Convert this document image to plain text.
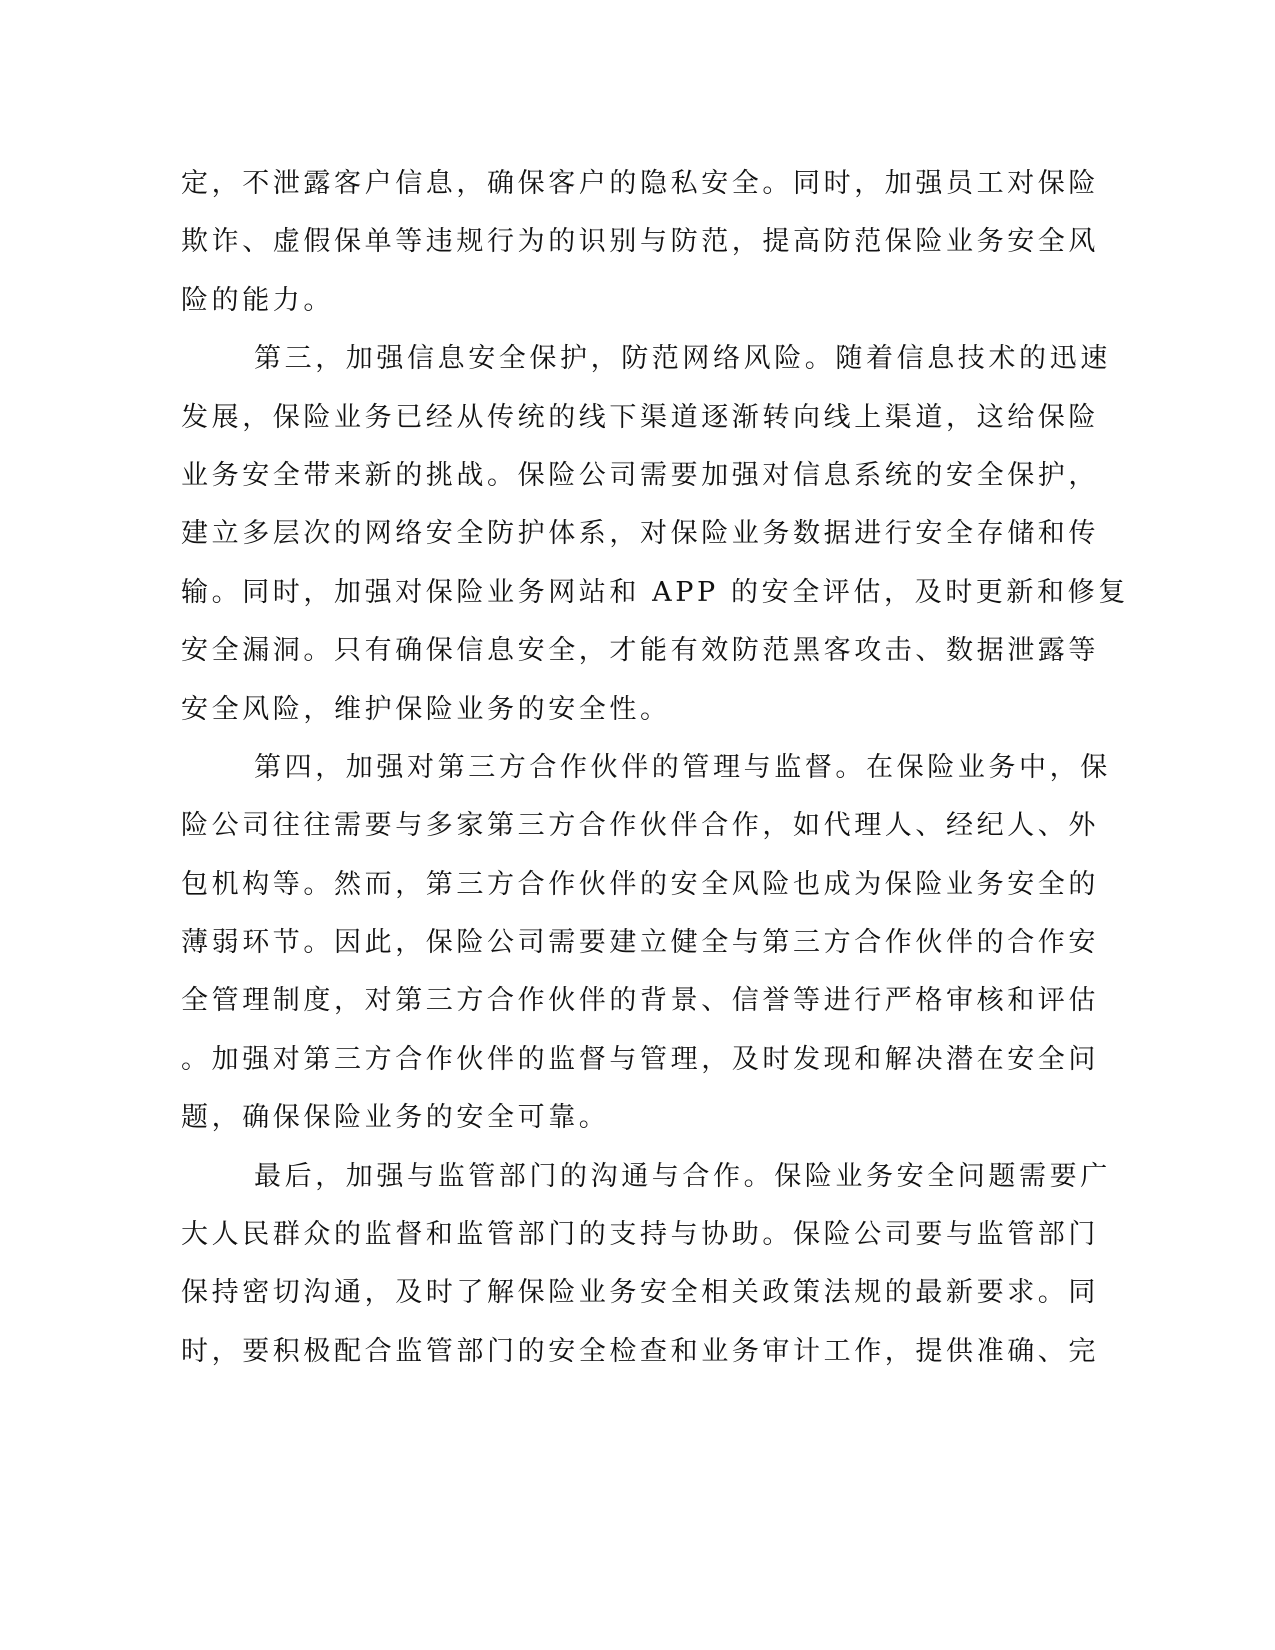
定，不泄露客户信息，确保客户的隐私安全。同时，加强员工对保险
欺诈、虚假保单等违规行为的识别与防范，提高防范保险业务安全风
险的能力。
第三，加强信息安全保护，防范网络风险。随着信息技术的迅速
发展，保险业务已经从传统的线下渠道逐渐转向线上渠道，这给保险
业务安全带来新的挑战。保险公司需要加强对信息系统的安全保护，
建立多层次的网络安全防护体系，对保险业务数据进行安全存储和传
输。同时，加强对保险业务网站和 APP 的安全评估，及时更新和修复
安全漏洞。只有确保信息安全，才能有效防范黑客攻击、数据泄露等
安全风险，维护保险业务的安全性。
第四，加强对第三方合作伙伴的管理与监督。在保险业务中，保
险公司往往需要与多家第三方合作伙伴合作，如代理人、经纪人、外
包机构等。然而，第三方合作伙伴的安全风险也成为保险业务安全的
薄弱环节。因此，保险公司需要建立健全与第三方合作伙伴的合作安
全管理制度，对第三方合作伙伴的背景、信誉等进行严格审核和评估
。加强对第三方合作伙伴的监督与管理，及时发现和解决潜在安全问
题，确保保险业务的安全可靠。
最后，加强与监管部门的沟通与合作。保险业务安全问题需要广
大人民群众的监督和监管部门的支持与协助。保险公司要与监管部门
保持密切沟通，及时了解保险业务安全相关政策法规的最新要求。同
时，要积极配合监管部门的安全检查和业务审计工作，提供准确、完
